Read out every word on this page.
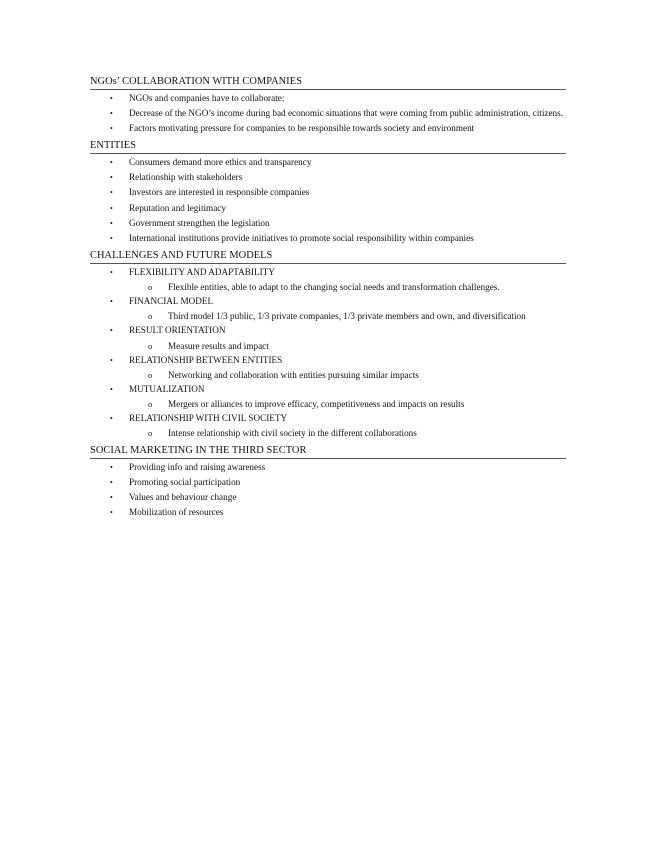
NGOs’ COLLABORATION WITH COMPANIES
• NGOs and companies have to collaborate:
• Decrease of the NGO’s income during bad economic situations that were coming from public administration, citizens.
• Factors motivating pressure for companies to be responsible towards society and environment
ENTITIES
• Consumers demand more ethics and transparency
• Relationship with stakeholders
• Investors are interested in responsible companies
• Reputation and legitimacy
• Government strengthen the legislation
• International institutions provide initiatives to promote social responsibility within companies
CHALLENGES AND FUTURE MODELS
• FLEXIBILITY AND ADAPTABILITY
o Flexible entities, able to adapt to the changing social needs and transformation challenges.
• FINANCIAL MODEL
o Third model 1/3 public, 1/3 private companies, 1/3 private members and own, and diversification
• RESULT ORIENTATION
o Measure results and impact
• RELATIONSHIP BETWEEN ENTITIES
o Networking and collaboration with entities pursuing similar impacts
• MUTUALIZATION
o Mergers or alliances to improve efficacy, competitiveness and impacts on results
• RELATIONSHIP WITH CIVIL SOCIETY
o Intense relationship with civil society in the different collaborations
SOCIAL MARKETING IN THE THIRD SECTOR
• Providing info and raising awareness
• Promoting social participation
• Values and behaviour change
• Mobilization of resources
